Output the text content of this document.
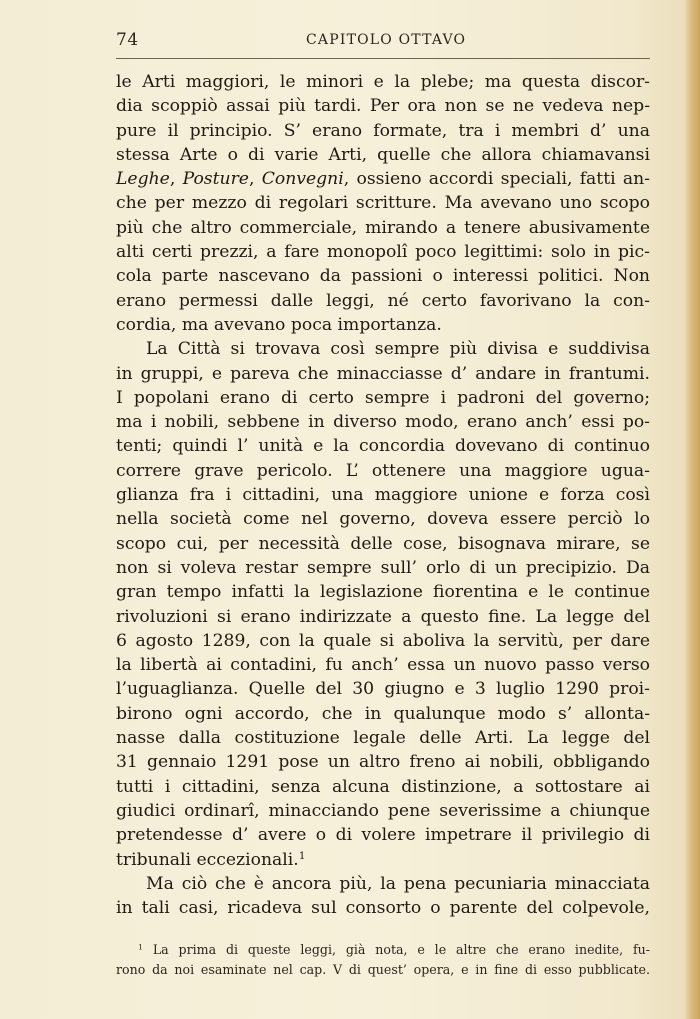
74	CAPITOLO OTTAVO
le Arti maggiori, le minori e la plebe; ma questa discor-
dia scoppiò assai più tardi. Per ora non se ne vedeva nep-
pure il principio. S’ erano formate, tra i membri d’ una
stessa Arte o di varie Arti, quelle che allora chiamavansi
Leghe, Posture, Convegni, ossieno accordi speciali, fatti an-
che per mezzo di regolari scritture. Ma avevano uno scopo
più che altro commerciale, mirando a tenere abusivamente
alti certi prezzi, a fare monopolî poco legittimi: solo in pic-
cola parte nascevano da passioni o interessi politici. Non
erano permessi dalle leggi, né certo favorivano la con-
cordia, ma avevano poca importanza.
La Città si trovava così sempre più divisa e suddivisa
in gruppi, e pareva che minacciasse d’ andare in frantumi.
I popolani erano di certo sempre i padroni del governo;
ma i nobili, sebbene in diverso modo, erano anch’ essi po-
tenti; quindi l’ unità e la concordia dovevano di continuo
correre grave pericolo. L’ ottenere una maggiore ugua-
glianza fra i cittadini, una maggiore unione e forza così
nella società come nel governo, doveva essere perciò lo
scopo cui, per necessità delle cose, bisognava mirare, se
non si voleva restar sempre sull’ orlo di un precipizio. Da
gran tempo infatti la legislazione fiorentina e le continue
rivoluzioni si erano indirizzate a questo fine. La legge del
6 agosto 1289, con la quale si aboliva la servitù, per dare
la libertà ai contadini, fu anch’ essa un nuovo passo verso
l’uguaglianza. Quelle del 30 giugno e 3 luglio 1290 proi-
birono ogni accordo, che in qualunque modo s’ allonta-
nasse dalla costituzione legale delle Arti. La legge del
31 gennaio 1291 pose un altro freno ai nobili, obbligando
tutti i cittadini, senza alcuna distinzione, a sottostare ai
giudici ordinarî, minacciando pene severissime a chiunque
pretendesse d’ avere o di volere impetrare il privilegio di
tribunali eccezionali.$^1$
Ma ciò che è ancora più, la pena pecuniaria minacciata
in tali casi, ricadeva sul consorto o parente del colpevole,
$^1$ La prima di queste leggi, già nota, e le altre che erano inedite, fu-
rono da noi esaminate nel cap. V di quest’ opera, e in fine di esso pubblicate.
